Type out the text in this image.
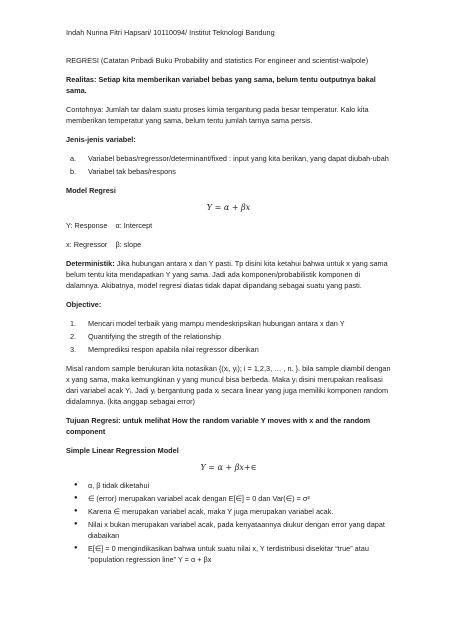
Indah Nurina Fitri Hapsari/ 10110094/ Institut Teknologi Bandung

REGRESI (Catatan Pribadi Buku Probability and statistics For engineer and scientist-walpole)

Realitas: Setiap kita memberikan variabel bebas yang sama, belum tentu outputnya bakal sama.

Contohnya: Jumlah tar dalam suatu proses kimia tergantung pada besar temperatur. Kalo kita memberikan temperatur yang sama, belum tentu jumlah tarnya sama persis.

Jenis-jenis variabel:

a. Variabel bebas/regressor/determinant/fixed : input yang kita berikan, yang dapat diubah-ubah
b. Variabel tak bebas/respons

Model Regresi

Y = α + βx

Y: Response α: Intercept

x: Regressor β: slope

Deterministik: Jika hubungan antara x dan Y pasti. Tp disini kita ketahui bahwa untuk x yang sama belum tentu kita mendapatkan Y yang sama. Jadi ada komponen/probabilistik komponen di dalamnya. Akibatnya, model regresi diatas tidak dapat dipandang sebagai suatu yang pasti.

Objective:

1. Mencari model terbaik yang mampu mendeskripsikan hubungan antara x dan Y
2. Quantifying the stregth of the relationship
3. Memprediksi respon apabila nilai regressor diberikan

Misal random sample berukuran kita notasikan {(xᵢ, yᵢ); i = 1,2,3, … , n. }. bila sample diambil dengan x yang sama, maka kemungkinan y yang muncul bisa berbeda. Maka yᵢ disini merupakan realisasi dari variabel acak Yᵢ. Jadi yᵢ bergantung pada xᵢ secara linear yang juga memiliki komponen random didalamnya. (kita anggap sebagai error)

Tujuan Regresi: untuk melihat How the random variable Y moves with x and the random component

Simple Linear Regression Model

Y = α + βx+∈
● α, β tidak diketahui
● ∈ (error) merupakan variabel acak dengan E[∈] = 0 dan Var(∈) = σ²
● Karena ∈ merupakan variabel acak, maka Y juga merupakan variabel acak.
● Nilai x bukan merupakan variabel acak, pada kenyataannya diukur dengan error yang dapat diabaikan
● E[∈] = 0 mengindikasikan bahwa untuk suatu nilai x, Y terdistribusi disekitar “true” atau “population regression line” Y = α + βx
